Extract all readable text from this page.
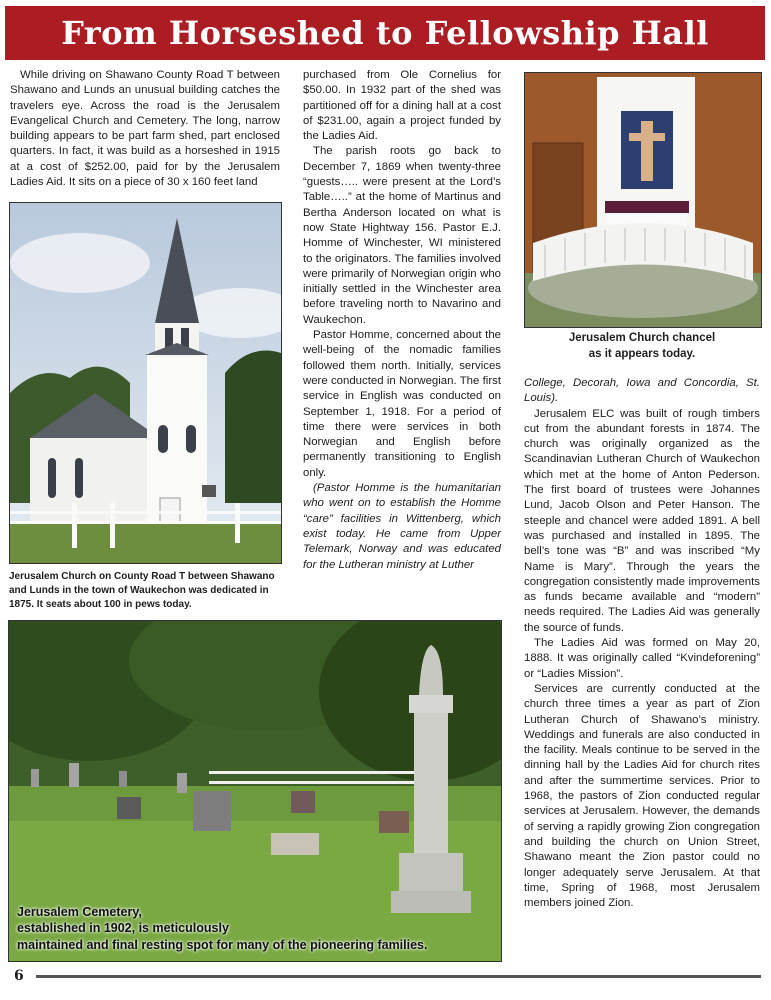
From Horseshed to Fellowship Hall

While driving on Shawano County Road T between Shawano and Lunds an unusual building catches the travelers eye. Across the road is the Jerusalem Evangelical Church and Cemetery. The long, narrow building appears to be part farm shed, part enclosed quarters. In fact, it was build as a horseshed in 1915 at a cost of $252.00, paid for by the Jerusalem Ladies Aid. It sits on a piece of 30 x 160 feet land

Jerusalem Church on County Road T between Shawano and Lunds in the town of Waukechon was dedicated in 1875. It seats about 100 in pews today.

purchased from Ole Cornelius for $50.00. In 1932 part of the shed was partitioned off for a dining hall at a cost of $231.00, again a project funded by the Ladies Aid.

The parish roots go back to December 7, 1869 when twenty-three “guests….. were present at the Lord’s Table…..” at the home of Martinus and Bertha Anderson located on what is now State Hightway 156. Pastor E.J. Homme of Winchester, WI ministered to the originators. The families involved were primarily of Norwegian origin who initially settled in the Winchester area before traveling north to Navarino and Waukechon.

Pastor Homme, concerned about the well-being of the nomadic families followed them north. Initially, services were conducted in Norwegian. The first service in English was conducted on September 1, 1918. For a period of time there were services in both Norwegian and English before permanently transitioning to English only.

(Pastor Homme is the humanitarian who went on to establish the Homme “care” facilities in Wittenberg, which exist today. He came from Upper Telemark, Norway and was educated for the Lutheran ministry at Luther

Jerusalem Church chancel
as it appears today.

College, Decorah, Iowa and Concordia, St. Louis).

Jerusalem ELC was built of rough timbers cut from the abundant forests in 1874. The church was originally organized as the Scandinavian Lutheran Church of Waukechon which met at the home of Anton Pederson. The first board of trustees were Johannes Lund, Jacob Olson and Peter Hanson. The steeple and chancel were added 1891. A bell was purchased and installed in 1895. The bell’s tone was “B” and was inscribed “My Name is Mary”. Through the years the congregation consistently made improvements as funds became available and “modern” needs required. The Ladies Aid was generally the source of funds.

The Ladies Aid was formed on May 20, 1888. It was originally called “Kvindeforening” or “Ladies Mission”.

Services are currently conducted at the church three times a year as part of Zion Lutheran Church of Shawano’s ministry. Weddings and funerals are also conducted in the facility. Meals continue to be served in the dinning hall by the Ladies Aid for church rites and after the summertime services. Prior to 1968, the pastors of Zion conducted regular services at Jerusalem. However, the demands of serving a rapidly growing Zion congregation and building the church on Union Street, Shawano meant the Zion pastor could no longer adequately serve Jerusalem. At that time, Spring of 1968, most Jerusalem members joined Zion.

Jerusalem Cemetery,
established in 1902, is meticulously
maintained and final resting spot for many of the pioneering families.
6
